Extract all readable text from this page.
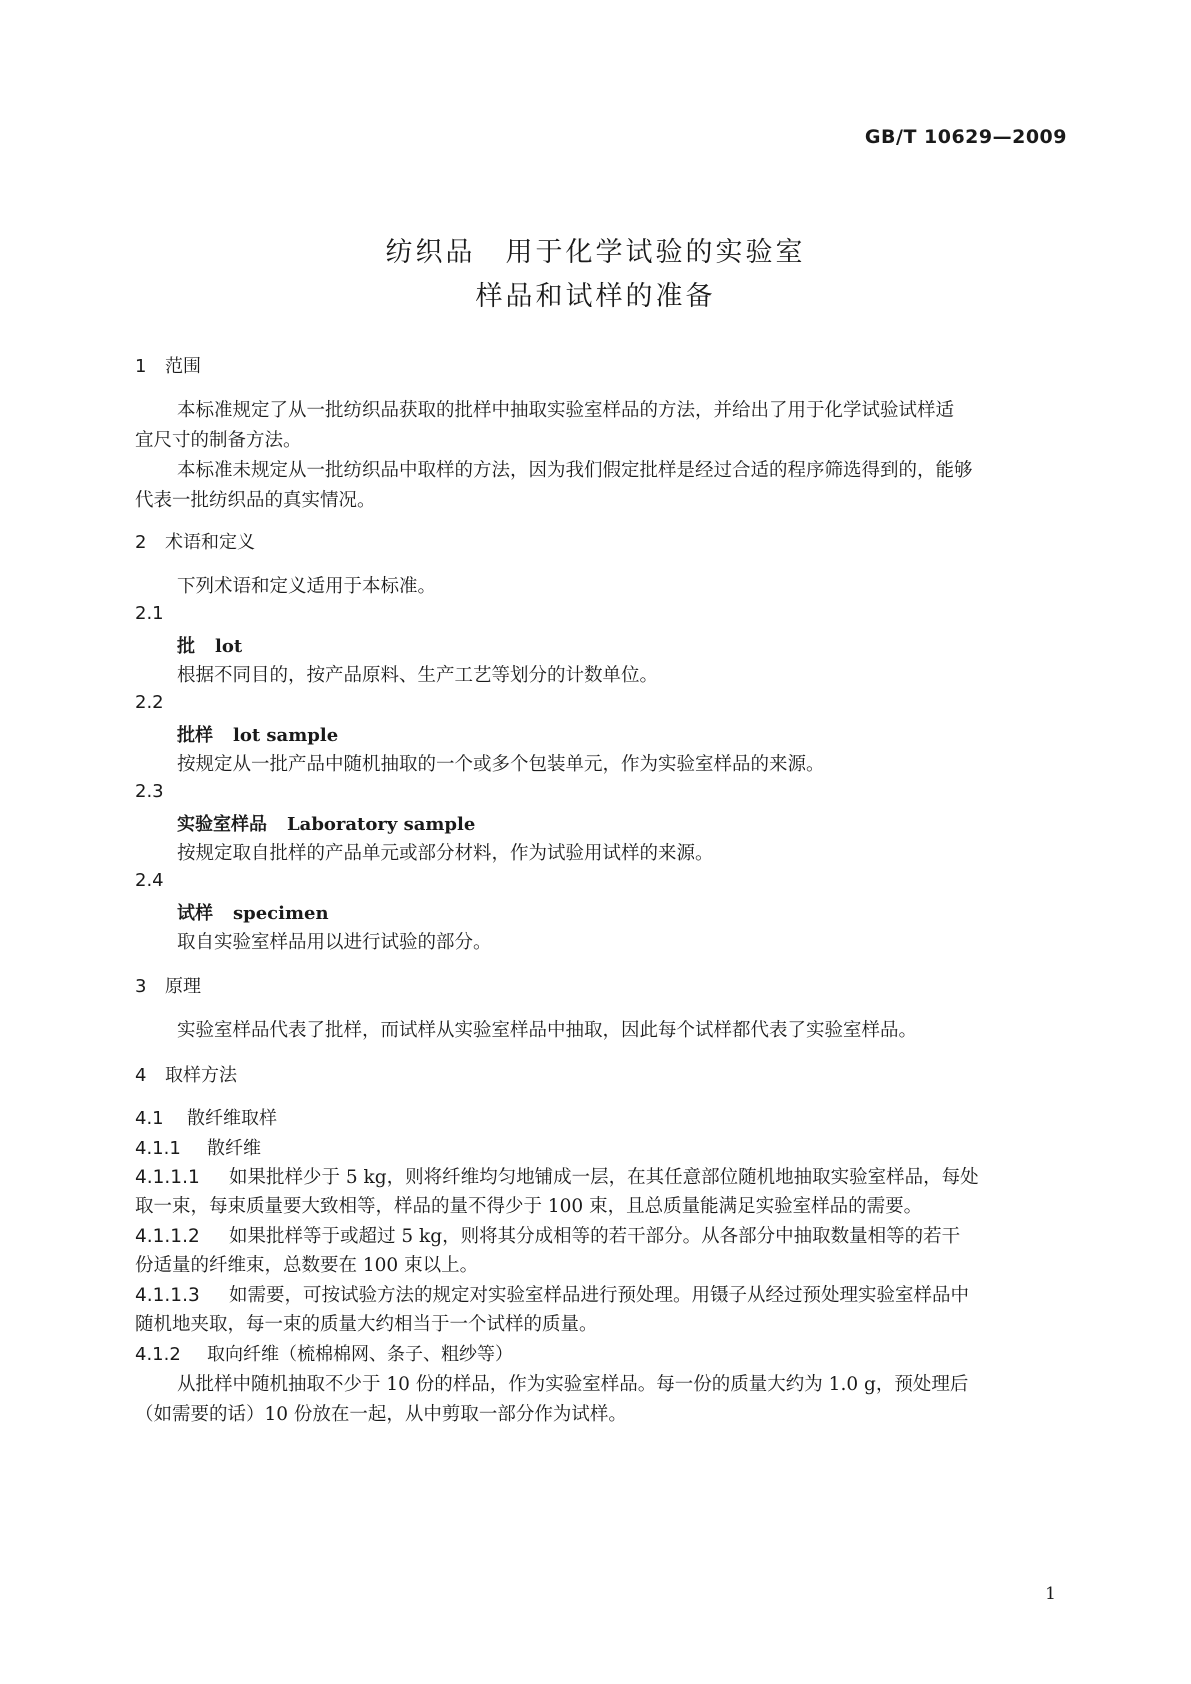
GB/T 10629—2009
纺织品　用于化学试验的实验室
样品和试样的准备
1 范围
本标准规定了从一批纺织品获取的批样中抽取实验室样品的方法，并给出了用于化学试验试样适
宜尺寸的制备方法。
本标准未规定从一批纺织品中取样的方法，因为我们假定批样是经过合适的程序筛选得到的，能够
代表一批纺织品的真实情况。
2 术语和定义
下列术语和定义适用于本标准。
2.1
批 lot
根据不同目的，按产品原料、生产工艺等划分的计数单位。
2.2
批样 lot sample
按规定从一批产品中随机抽取的一个或多个包装单元，作为实验室样品的来源。
2.3
实验室样品 Laboratory sample
按规定取自批样的产品单元或部分材料，作为试验用试样的来源。
2.4
试样 specimen
取自实验室样品用以进行试验的部分。
3 原理
实验室样品代表了批样，而试样从实验室样品中抽取，因此每个试样都代表了实验室样品。
4 取样方法
4.1 散纤维取样
4.1.1 散纤维
4.1.1.1 如果批样少于 5 kg，则将纤维均匀地铺成一层，在其任意部位随机地抽取实验室样品，每处
取一束，每束质量要大致相等，样品的量不得少于 100 束，且总质量能满足实验室样品的需要。
4.1.1.2 如果批样等于或超过 5 kg，则将其分成相等的若干部分。从各部分中抽取数量相等的若干
份适量的纤维束，总数要在 100 束以上。
4.1.1.3 如需要，可按试验方法的规定对实验室样品进行预处理。用镊子从经过预处理实验室样品中
随机地夹取，每一束的质量大约相当于一个试样的质量。
4.1.2 取向纤维（梳棉棉网、条子、粗纱等）
从批样中随机抽取不少于 10 份的样品，作为实验室样品。每一份的质量大约为 1.0 g，预处理后
（如需要的话）10 份放在一起，从中剪取一部分作为试样。
1
